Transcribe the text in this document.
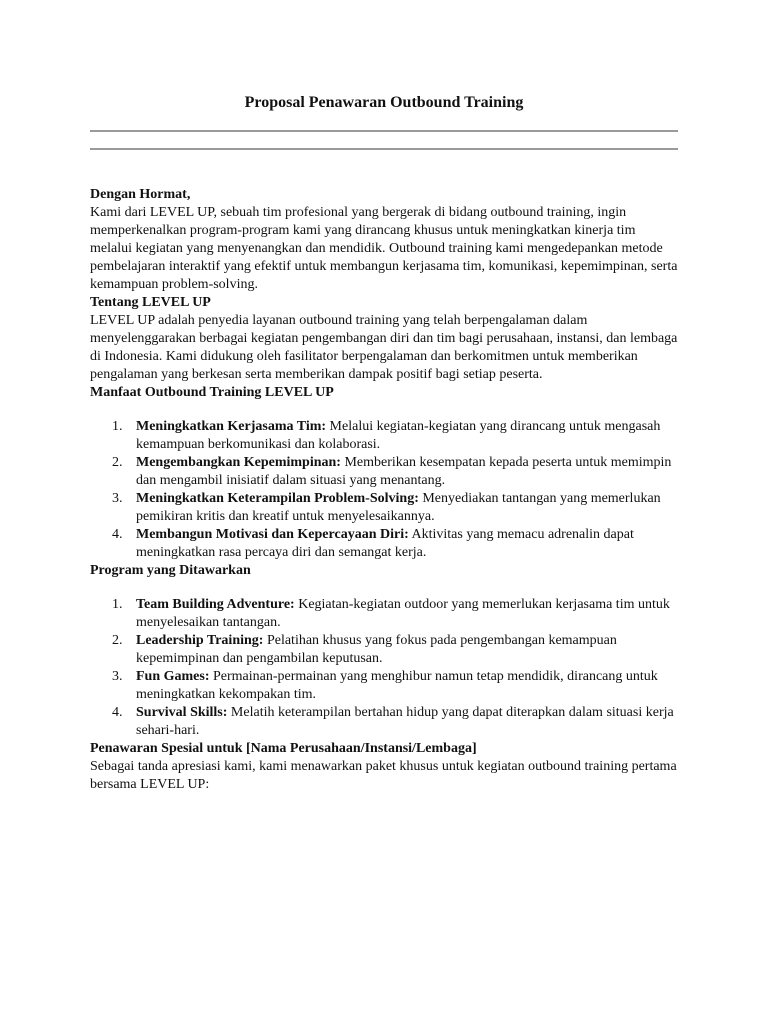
Proposal Penawaran Outbound Training

Dengan Hormat,

Kami dari LEVEL UP, sebuah tim profesional yang bergerak di bidang outbound training, ingin memperkenalkan program-program kami yang dirancang khusus untuk meningkatkan kinerja tim melalui kegiatan yang menyenangkan dan mendidik. Outbound training kami mengedepankan metode pembelajaran interaktif yang efektif untuk membangun kerjasama tim, komunikasi, kepemimpinan, serta kemampuan problem-solving.

Tentang LEVEL UP

LEVEL UP adalah penyedia layanan outbound training yang telah berpengalaman dalam menyelenggarakan berbagai kegiatan pengembangan diri dan tim bagi perusahaan, instansi, dan lembaga di Indonesia. Kami didukung oleh fasilitator berpengalaman dan berkomitmen untuk memberikan pengalaman yang berkesan serta memberikan dampak positif bagi setiap peserta.

Manfaat Outbound Training LEVEL UP
1. Meningkatkan Kerjasama Tim: Melalui kegiatan-kegiatan yang dirancang untuk mengasah kemampuan berkomunikasi dan kolaborasi.
2. Mengembangkan Kepemimpinan: Memberikan kesempatan kepada peserta untuk memimpin dan mengambil inisiatif dalam situasi yang menantang.
3. Meningkatkan Keterampilan Problem-Solving: Menyediakan tantangan yang memerlukan pemikiran kritis dan kreatif untuk menyelesaikannya.
4. Membangun Motivasi dan Kepercayaan Diri: Aktivitas yang memacu adrenalin dapat meningkatkan rasa percaya diri dan semangat kerja.
Program yang Ditawarkan
1. Team Building Adventure: Kegiatan-kegiatan outdoor yang memerlukan kerjasama tim untuk menyelesaikan tantangan.
2. Leadership Training: Pelatihan khusus yang fokus pada pengembangan kemampuan kepemimpinan dan pengambilan keputusan.
3. Fun Games: Permainan-permainan yang menghibur namun tetap mendidik, dirancang untuk meningkatkan kekompakan tim.
4. Survival Skills: Melatih keterampilan bertahan hidup yang dapat diterapkan dalam situasi kerja sehari-hari.
Penawaran Spesial untuk [Nama Perusahaan/Instansi/Lembaga]

Sebagai tanda apresiasi kami, kami menawarkan paket khusus untuk kegiatan outbound training pertama bersama LEVEL UP:
